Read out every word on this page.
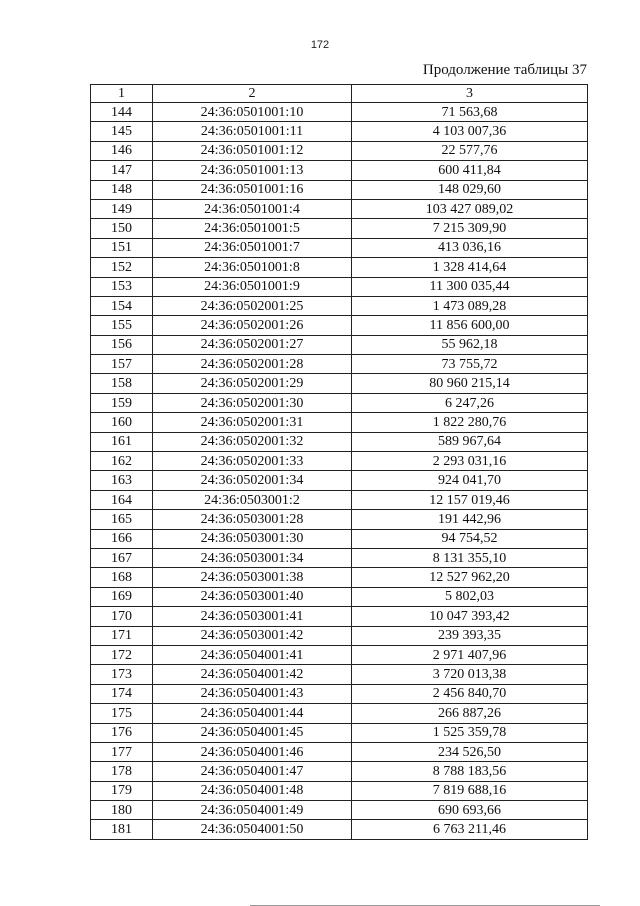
172
Продолжение таблицы 37
1	2	3
144	24:36:0501001:10	71 563,68
145	24:36:0501001:11	4 103 007,36
146	24:36:0501001:12	22 577,76
147	24:36:0501001:13	600 411,84
148	24:36:0501001:16	148 029,60
149	24:36:0501001:4	103 427 089,02
150	24:36:0501001:5	7 215 309,90
151	24:36:0501001:7	413 036,16
152	24:36:0501001:8	1 328 414,64
153	24:36:0501001:9	11 300 035,44
154	24:36:0502001:25	1 473 089,28
155	24:36:0502001:26	11 856 600,00
156	24:36:0502001:27	55 962,18
157	24:36:0502001:28	73 755,72
158	24:36:0502001:29	80 960 215,14
159	24:36:0502001:30	6 247,26
160	24:36:0502001:31	1 822 280,76
161	24:36:0502001:32	589 967,64
162	24:36:0502001:33	2 293 031,16
163	24:36:0502001:34	924 041,70
164	24:36:0503001:2	12 157 019,46
165	24:36:0503001:28	191 442,96
166	24:36:0503001:30	94 754,52
167	24:36:0503001:34	8 131 355,10
168	24:36:0503001:38	12 527 962,20
169	24:36:0503001:40	5 802,03
170	24:36:0503001:41	10 047 393,42
171	24:36:0503001:42	239 393,35
172	24:36:0504001:41	2 971 407,96
173	24:36:0504001:42	3 720 013,38
174	24:36:0504001:43	2 456 840,70
175	24:36:0504001:44	266 887,26
176	24:36:0504001:45	1 525 359,78
177	24:36:0504001:46	234 526,50
178	24:36:0504001:47	8 788 183,56
179	24:36:0504001:48	7 819 688,16
180	24:36:0504001:49	690 693,66
181	24:36:0504001:50	6 763 211,46
